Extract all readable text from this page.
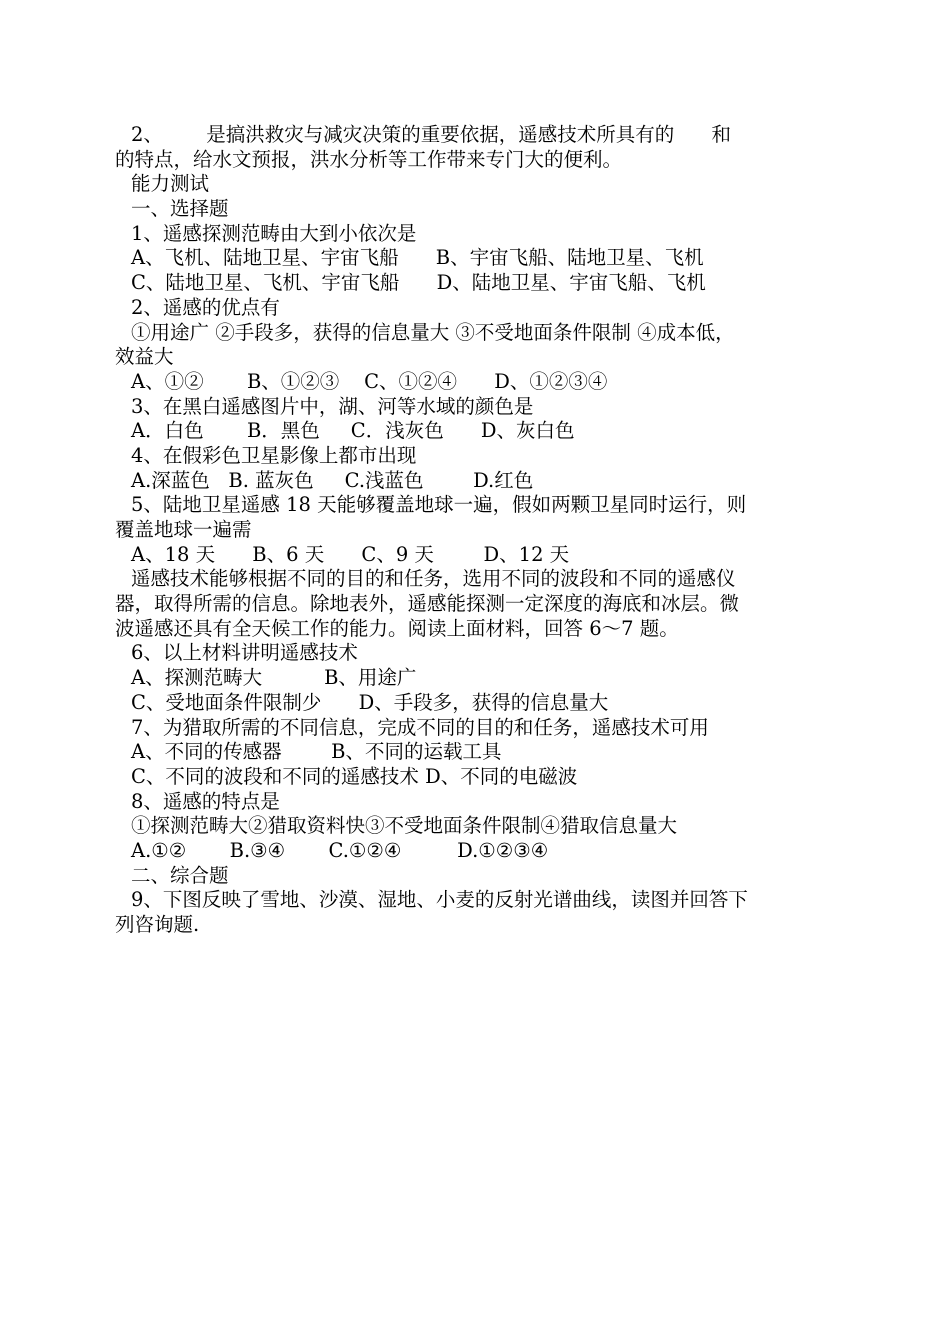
2、       是搞洪救灾与减灾决策的重要依据，遥感技术所具有的      和
的特点，给水文预报，洪水分析等工作带来专门大的便利。
能力测试
一、选择题
1、遥感探测范畴由大到小依次是
A、飞机、陆地卫星、宇宙飞船      B、宇宙飞船、陆地卫星、飞机
C、陆地卫星、飞机、宇宙飞船      D、陆地卫星、宇宙飞船、飞机
2、遥感的优点有
①用途广 ②手段多，获得的信息量大 ③不受地面条件限制 ④成本低，
效益大
A、①②       B、①②③    C、①②④      D、①②③④
3、在黑白遥感图片中，湖、河等水域的颜色是
A．白色       B．黑色     C．浅灰色      D、灰白色
4、在假彩色卫星影像上都市出现
A.深蓝色   B. 蓝灰色     C.浅蓝色        D.红色
5、陆地卫星遥感 18 天能够覆盖地球一遍，假如两颗卫星同时运行，则
覆盖地球一遍需
A、18 天      B、6 天      C、9 天        D、12 天
遥感技术能够根据不同的目的和任务，选用不同的波段和不同的遥感仪
器，取得所需的信息。除地表外，遥感能探测一定深度的海底和冰层。微
波遥感还具有全天候工作的能力。阅读上面材料，回答 6～7 题。
6、以上材料讲明遥感技术
A、探测范畴大          B、用途广
C、受地面条件限制少      D、手段多，获得的信息量大
7、为猎取所需的不同信息，完成不同的目的和任务，遥感技术可用
A、不同的传感器        B、不同的运载工具
C、不同的波段和不同的遥感技术 D、不同的电磁波
8、遥感的特点是
①探测范畴大②猎取资料快③不受地面条件限制④猎取信息量大
A.①②       B.③④       C.①②④         D.①②③④
二、综合题
9、下图反映了雪地、沙漠、湿地、小麦的反射光谱曲线，读图并回答下
列咨询题.
